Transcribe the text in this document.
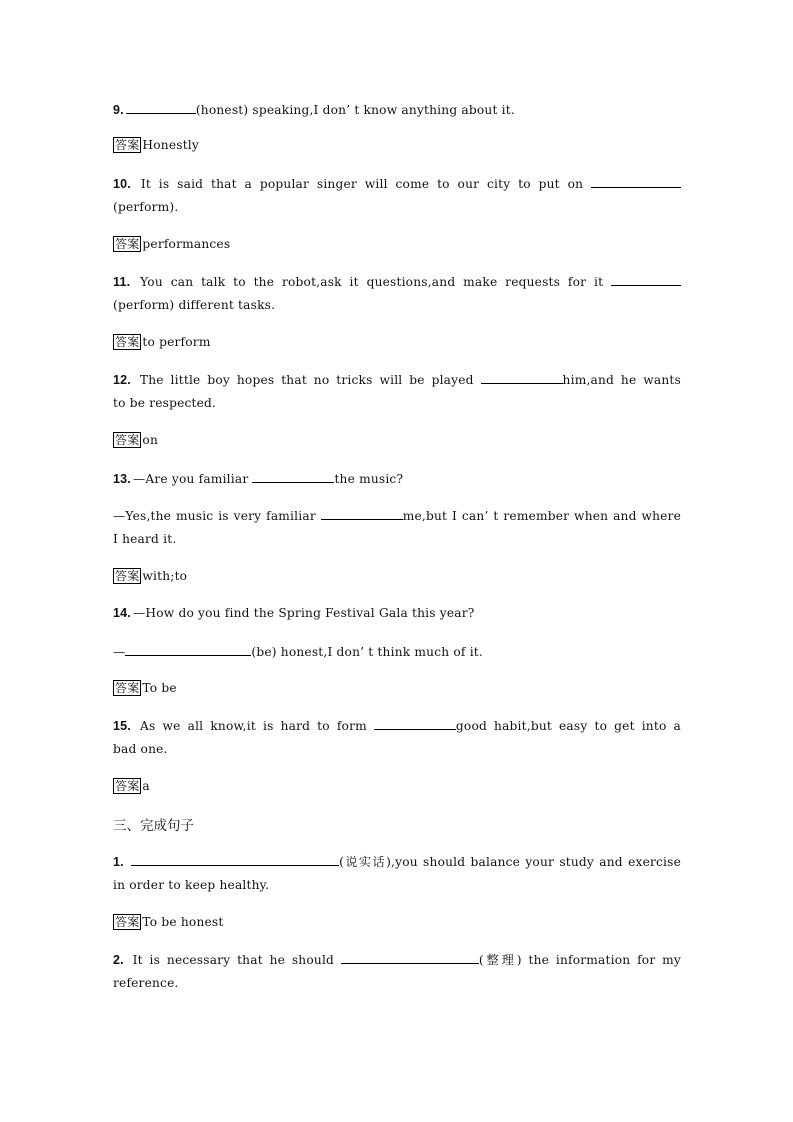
9.	(honest) speaking,I don’ t know anything about it.
答案 Honestly
10. It is said that a popular singer will come to our city to put on
(perform).
答案 performances
11. You can talk to the robot,ask it questions,and make requests for it
(perform) different tasks.
答案 to perform
12. The little boy hopes that no tricks will be played	him,and he wants
to be respected.
答案 on
13. —Are you familiar	the music?
—Yes,the music is very familiar	me,but I can’ t remember when and where
I heard it.
答案 with;to
14. —How do you find the Spring Festival Gala this year?
—	(be) honest,I don’ t think much of it.
答案 To be
15. As we all know,it is hard to form	good habit,but easy to get into a
bad one.
答案 a
三、完成句子
1.	(说实话),you should balance your study and exercise
in order to keep healthy.
答案 To be honest
2. It is necessary that he should	(整理) the information for my
reference.
